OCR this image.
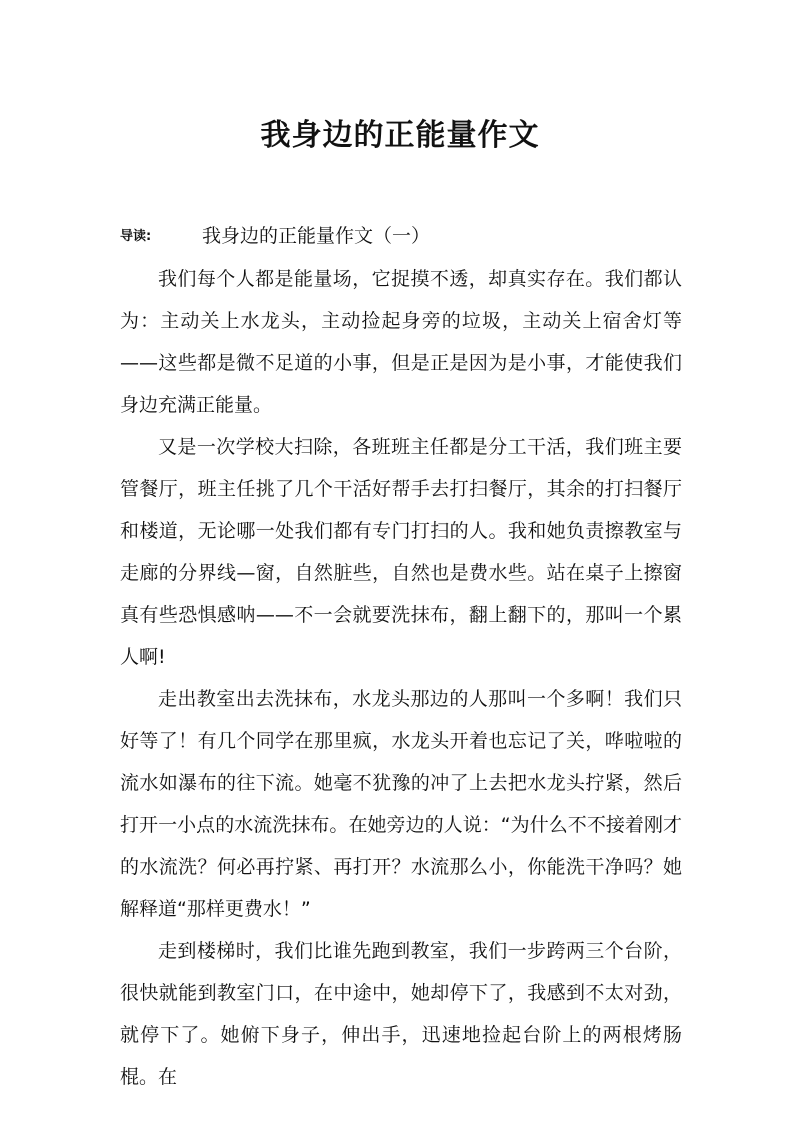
我身边的正能量作文
导读:	我身边的正能量作文（一）

我们每个人都是能量场，它捉摸不透，却真实存在。我们都认为：主动关上水龙头，主动捡起身旁的垃圾，主动关上宿舍灯等——这些都是微不足道的小事，但是正是因为是小事，才能使我们身边充满正能量。

又是一次学校大扫除，各班班主任都是分工干活，我们班主要管餐厅，班主任挑了几个干活好帮手去打扫餐厅，其余的打扫餐厅和楼道，无论哪一处我们都有专门打扫的人。我和她负责擦教室与走廊的分界线—窗，自然脏些，自然也是费水些。站在桌子上擦窗真有些恐惧感呐——不一会就要洗抹布，翻上翻下的，那叫一个累人啊!

走出教室出去洗抹布，水龙头那边的人那叫一个多啊！我们只好等了！有几个同学在那里疯，水龙头开着也忘记了关，哗啦啦的流水如瀑布的往下流。她毫不犹豫的冲了上去把水龙头拧紧，然后打开一小点的水流洗抹布。在她旁边的人说：“为什么不不接着刚才的水流洗？何必再拧紧、再打开？水流那么小，你能洗干净吗？她解释道“那样更费水！”

走到楼梯时，我们比谁先跑到教室，我们一步跨两三个台阶，很快就能到教室门口，在中途中，她却停下了，我感到不太对劲，就停下了。她俯下身子，伸出手，迅速地捡起台阶上的两根烤肠棍。在
